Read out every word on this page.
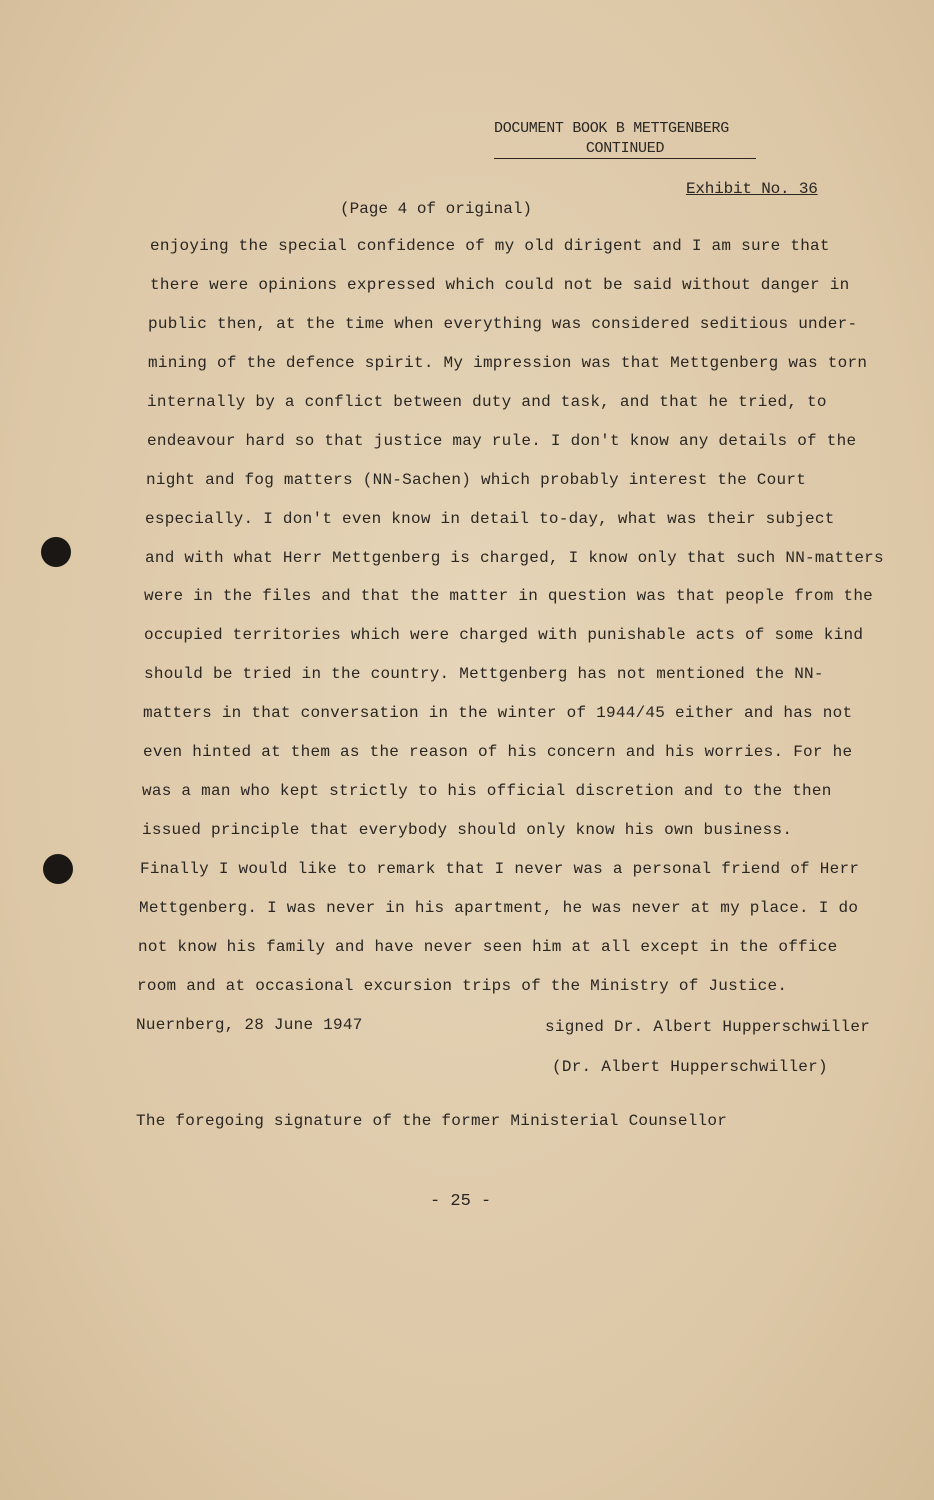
DOCUMENT BOOK B METTGENBERG
CONTINUED
Exhibit No. 36
(Page 4 of original)
enjoying the special confidence of my old dirigent and I am sure that
there were opinions expressed which could not be said without danger in
public then, at the time when everything was considered seditious under-
mining of the defence spirit. My impression was that Mettgenberg was torn
internally by a conflict between duty and task, and that he tried, to
endeavour hard so that justice may rule. I don't know any details of the
night and fog matters (NN-Sachen) which probably interest the Court
especially. I don't even know in detail to-day, what was their subject
and with what Herr Mettgenberg is charged, I know only that such NN-matters
were in the files and that the matter in question was that people from the
occupied territories which were charged with punishable acts of some kind
should be tried in the country. Mettgenberg has not mentioned the NN-
matters in that conversation in the winter of 1944/45 either and has not
even hinted at them as the reason of his concern and his worries. For he
was a man who kept strictly to his official discretion and to the then
issued principle that everybody should only know his own business.
Finally I would like to remark that I never was a personal friend of Herr
Mettgenberg. I was never in his apartment, he was never at my place. I do
not know his family and have never seen him at all except in the office
room and at occasional excursion trips of the Ministry of Justice.
Nuernberg, 28 June 1947	signed Dr. Albert Hupperschwiller
(Dr. Albert Hupperschwiller)
The foregoing signature of the former Ministerial Counsellor
- 25 -
